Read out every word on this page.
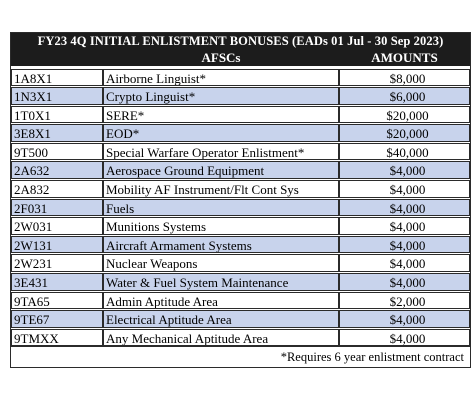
FY23 4Q INITIAL ENLISTMENT BONUSES (EADs 01 Jul - 30 Sep 2023)
AFSCs	AMOUNTS
1A8X1	Airborne Linguist*	$8,000
1N3X1	Crypto Linguist*	$6,000
1T0X1	SERE*	$20,000
3E8X1	EOD*	$20,000
9T500	Special Warfare Operator Enlistment*	$40,000
2A632	Aerospace Ground Equipment	$4,000
2A832	Mobility AF Instrument/Flt Cont Sys	$4,000
2F031	Fuels	$4,000
2W031	Munitions Systems	$4,000
2W131	Aircraft Armament Systems	$4,000
2W231	Nuclear Weapons	$4,000
3E431	Water & Fuel System Maintenance	$4,000
9TA65	Admin Aptitude Area	$2,000
9TE67	Electrical Aptitude Area	$4,000
9TMXX	Any Mechanical Aptitude Area	$4,000
*Requires 6 year enlistment contract
